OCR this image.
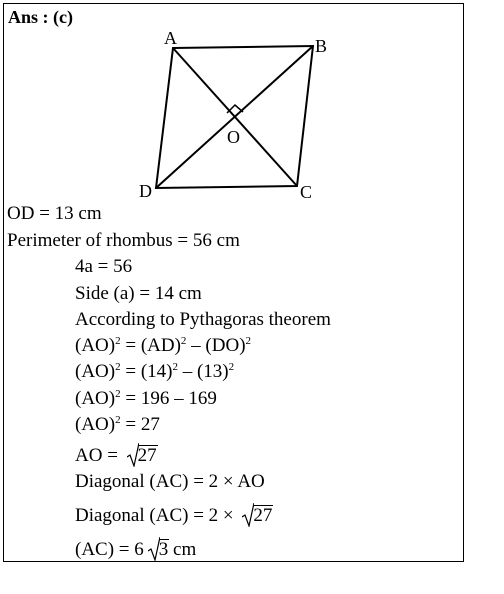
Ans : (c)
A	B
C
D
O
OD = 13 cm
Perimeter of rhombus = 56 cm
4a = 56
Side (a) = 14 cm
According to Pythagoras theorem
(AO)$^2$ = (AD)$^2$ – (DO)$^2$
$(AO)^2 = (14)^2 - (13)^2$
(AO)$^2$ = 196 – 169
(AO)$^2$ = 27
AO =
27
Diagonal (AC) = 2 × AO
Diagonal (AC) = 2 ×
27
(AC) = 6 3 cm
